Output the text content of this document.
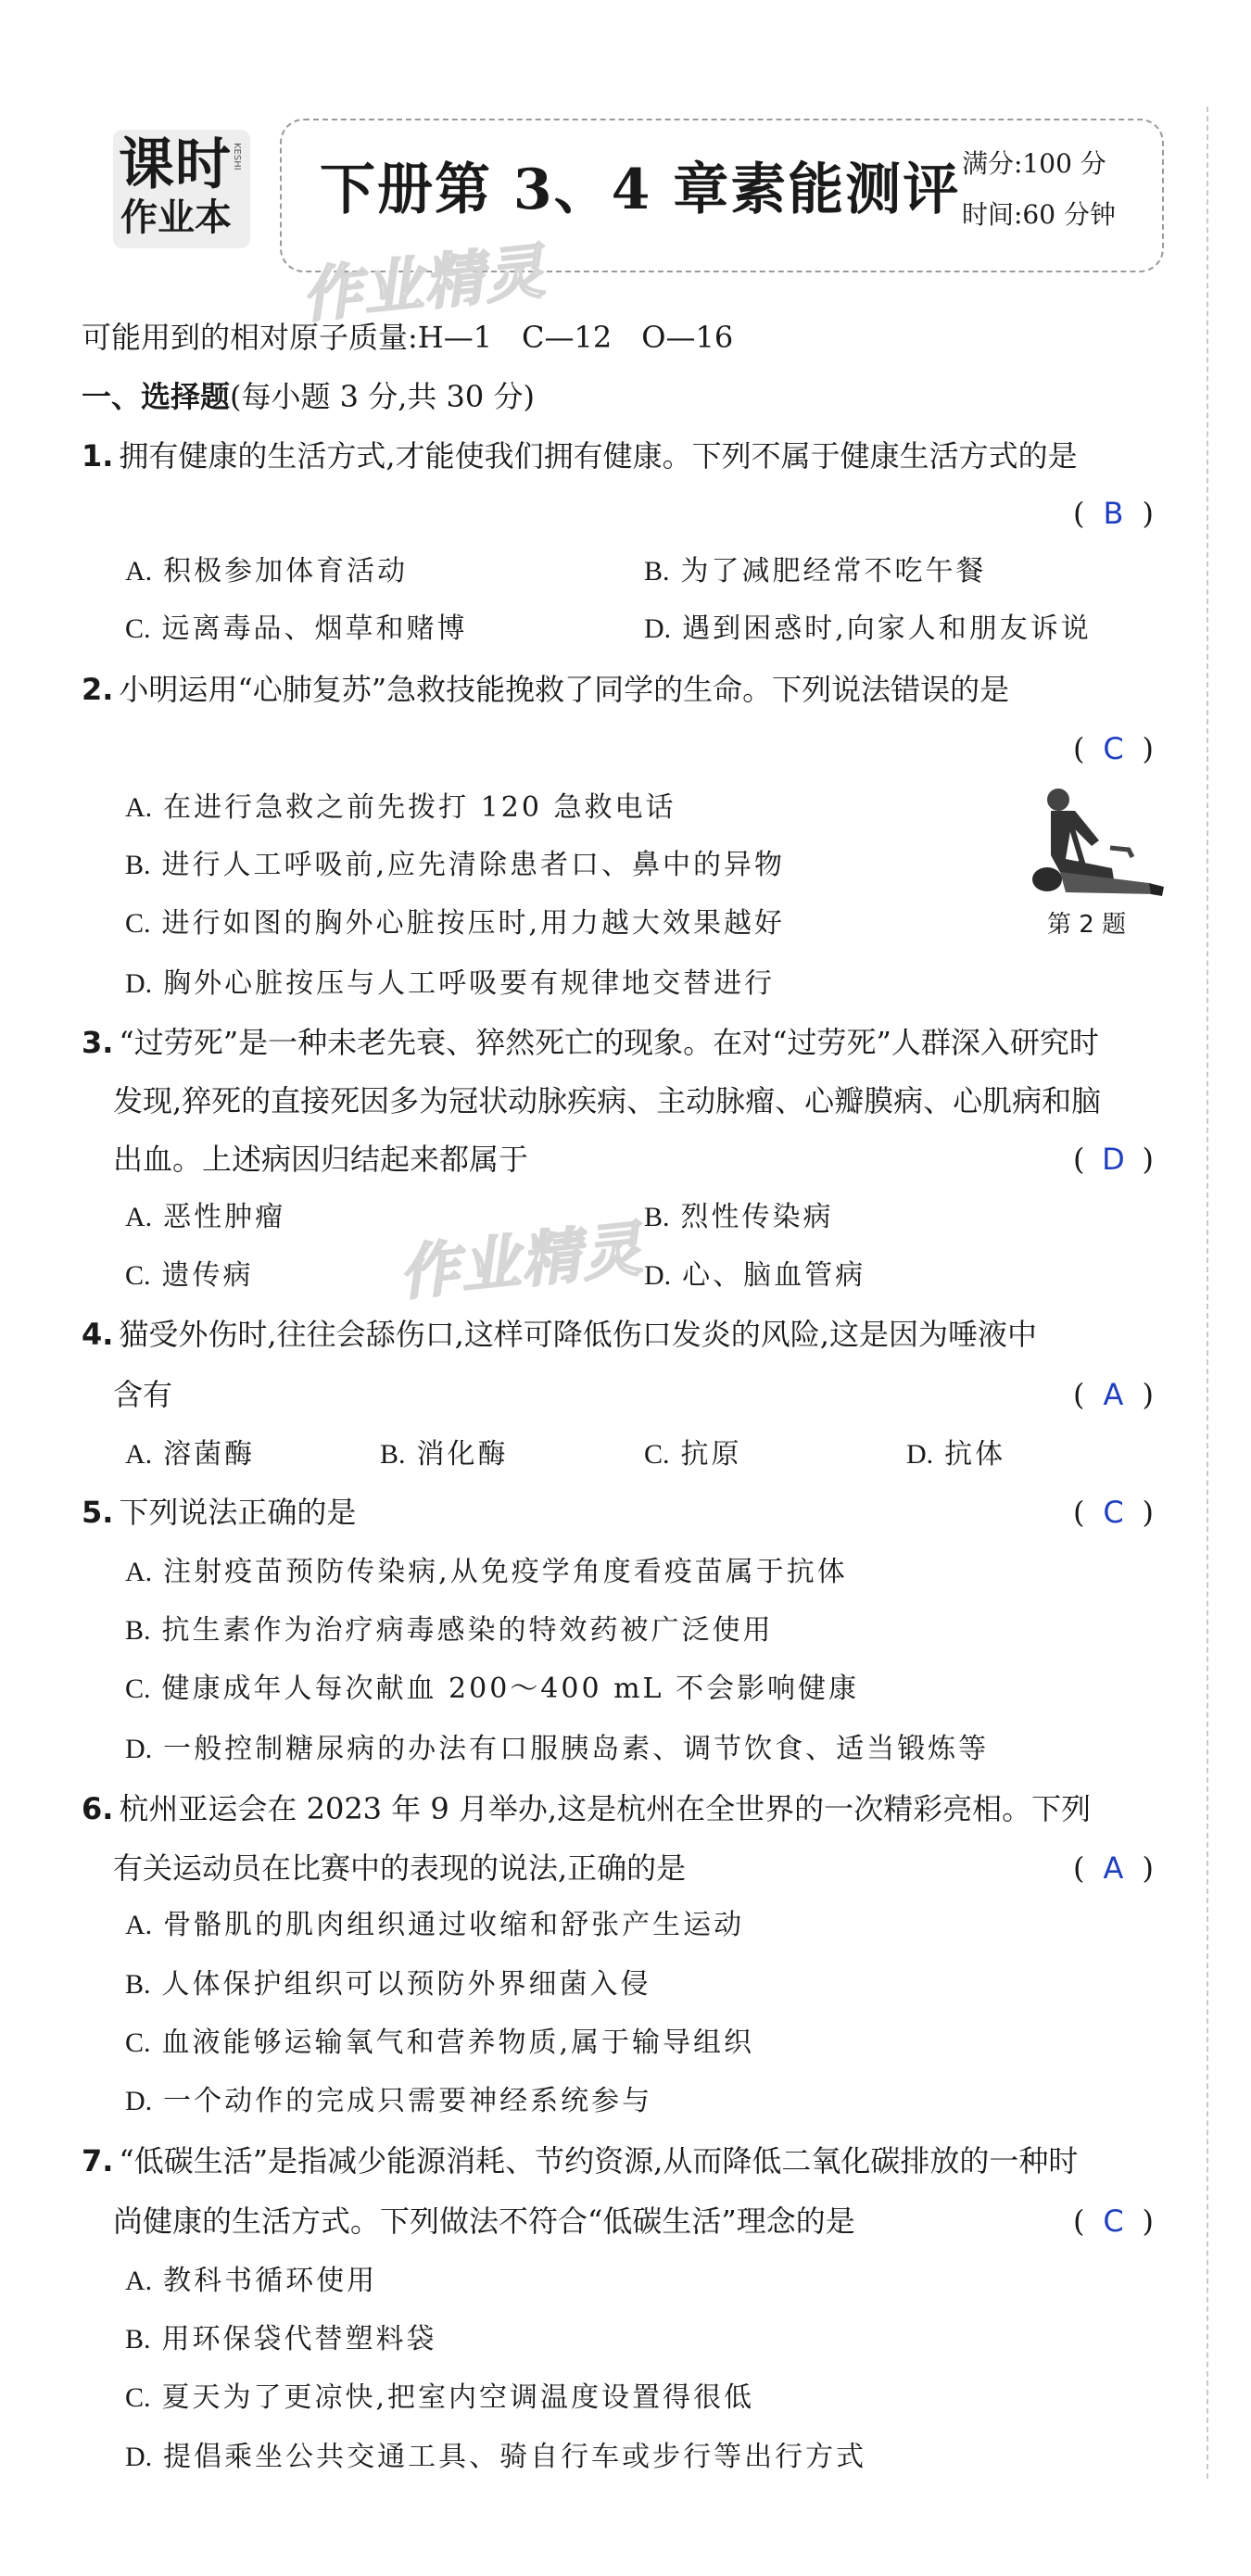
课时
作业本
KESHI
下册第 3、4 章素能测评 满分:100 分
时间:60 分钟
作业精灵
作业精灵
可能用到的相对原子质量:H—1　C—12　O—16
一、选择题(每小题 3 分,共 30 分)
1. 拥有健康的生活方式,才能使我们拥有健康。下列不属于健康生活方式的是
( B )
A. 积极参加体育活动	B. 为了减肥经常不吃午餐
C. 远离毒品、烟草和赌博	D. 遇到困惑时,向家人和朋友诉说
2. 小明运用“心肺复苏”急救技能挽救了同学的生命。下列说法错误的是
( C )
A. 在进行急救之前先拨打 120 急救电话
B. 进行人工呼吸前,应先清除患者口、鼻中的异物
C. 进行如图的胸外心脏按压时,用力越大效果越好
D. 胸外心脏按压与人工呼吸要有规律地交替进行
第 2 题
3. “过劳死”是一种未老先衰、猝然死亡的现象。在对“过劳死”人群深入研究时
发现,猝死的直接死因多为冠状动脉疾病、主动脉瘤、心瓣膜病、心肌病和脑
出血。上述病因归结起来都属于	( D )
A. 恶性肿瘤	B. 烈性传染病
C. 遗传病	D. 心、脑血管病
4. 猫受外伤时,往往会舔伤口,这样可降低伤口发炎的风险,这是因为唾液中
含有	( A )
A. 溶菌酶	B. 消化酶	C. 抗原	D. 抗体
5. 下列说法正确的是	( C )
A. 注射疫苗预防传染病,从免疫学角度看疫苗属于抗体
B. 抗生素作为治疗病毒感染的特效药被广泛使用
C. 健康成年人每次献血 200～400 mL 不会影响健康
D. 一般控制糖尿病的办法有口服胰岛素、调节饮食、适当锻炼等
6. 杭州亚运会在 2023 年 9 月举办,这是杭州在全世界的一次精彩亮相。下列
有关运动员在比赛中的表现的说法,正确的是	( A )
A. 骨骼肌的肌肉组织通过收缩和舒张产生运动
B. 人体保护组织可以预防外界细菌入侵
C. 血液能够运输氧气和营养物质,属于输导组织
D. 一个动作的完成只需要神经系统参与
7. “低碳生活”是指减少能源消耗、节约资源,从而降低二氧化碳排放的一种时
尚健康的生活方式。下列做法不符合“低碳生活”理念的是	( C )
A. 教科书循环使用
B. 用环保袋代替塑料袋
C. 夏天为了更凉快,把室内空调温度设置得很低
D. 提倡乘坐公共交通工具、骑自行车或步行等出行方式
